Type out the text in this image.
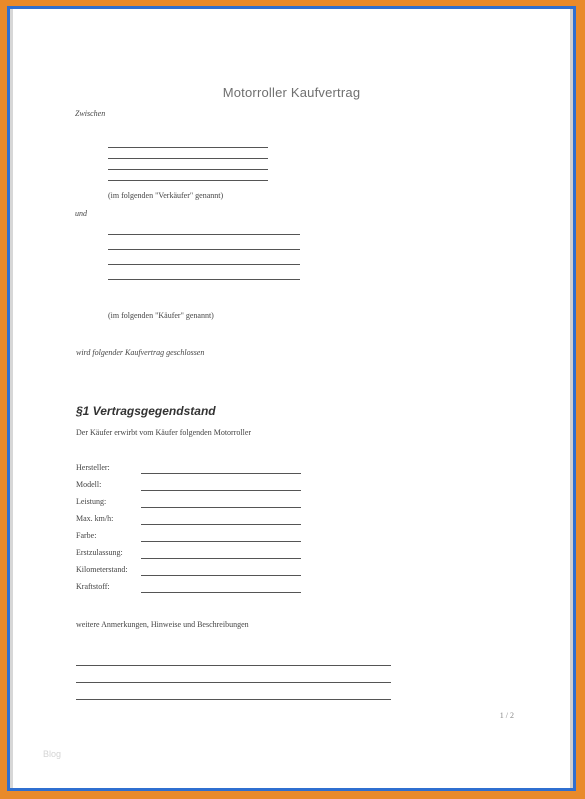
Motorroller Kaufvertrag
Zwischen
(im folgenden "Verkäufer" genannt)
und
(im folgenden "Käufer" genannt)
wird folgender Kaufvertrag geschlossen
§1 Vertragsgegendstand
Der Käufer erwirbt vom Käufer folgenden Motorroller
Hersteller:
Modell:
Leistung:
Max. km/h:
Farbe:
Erstzulassung:
Kilometerstand:
Kraftstoff:
weitere Anmerkungen, Hinweise und Beschreibungen
1 / 2
Blog
